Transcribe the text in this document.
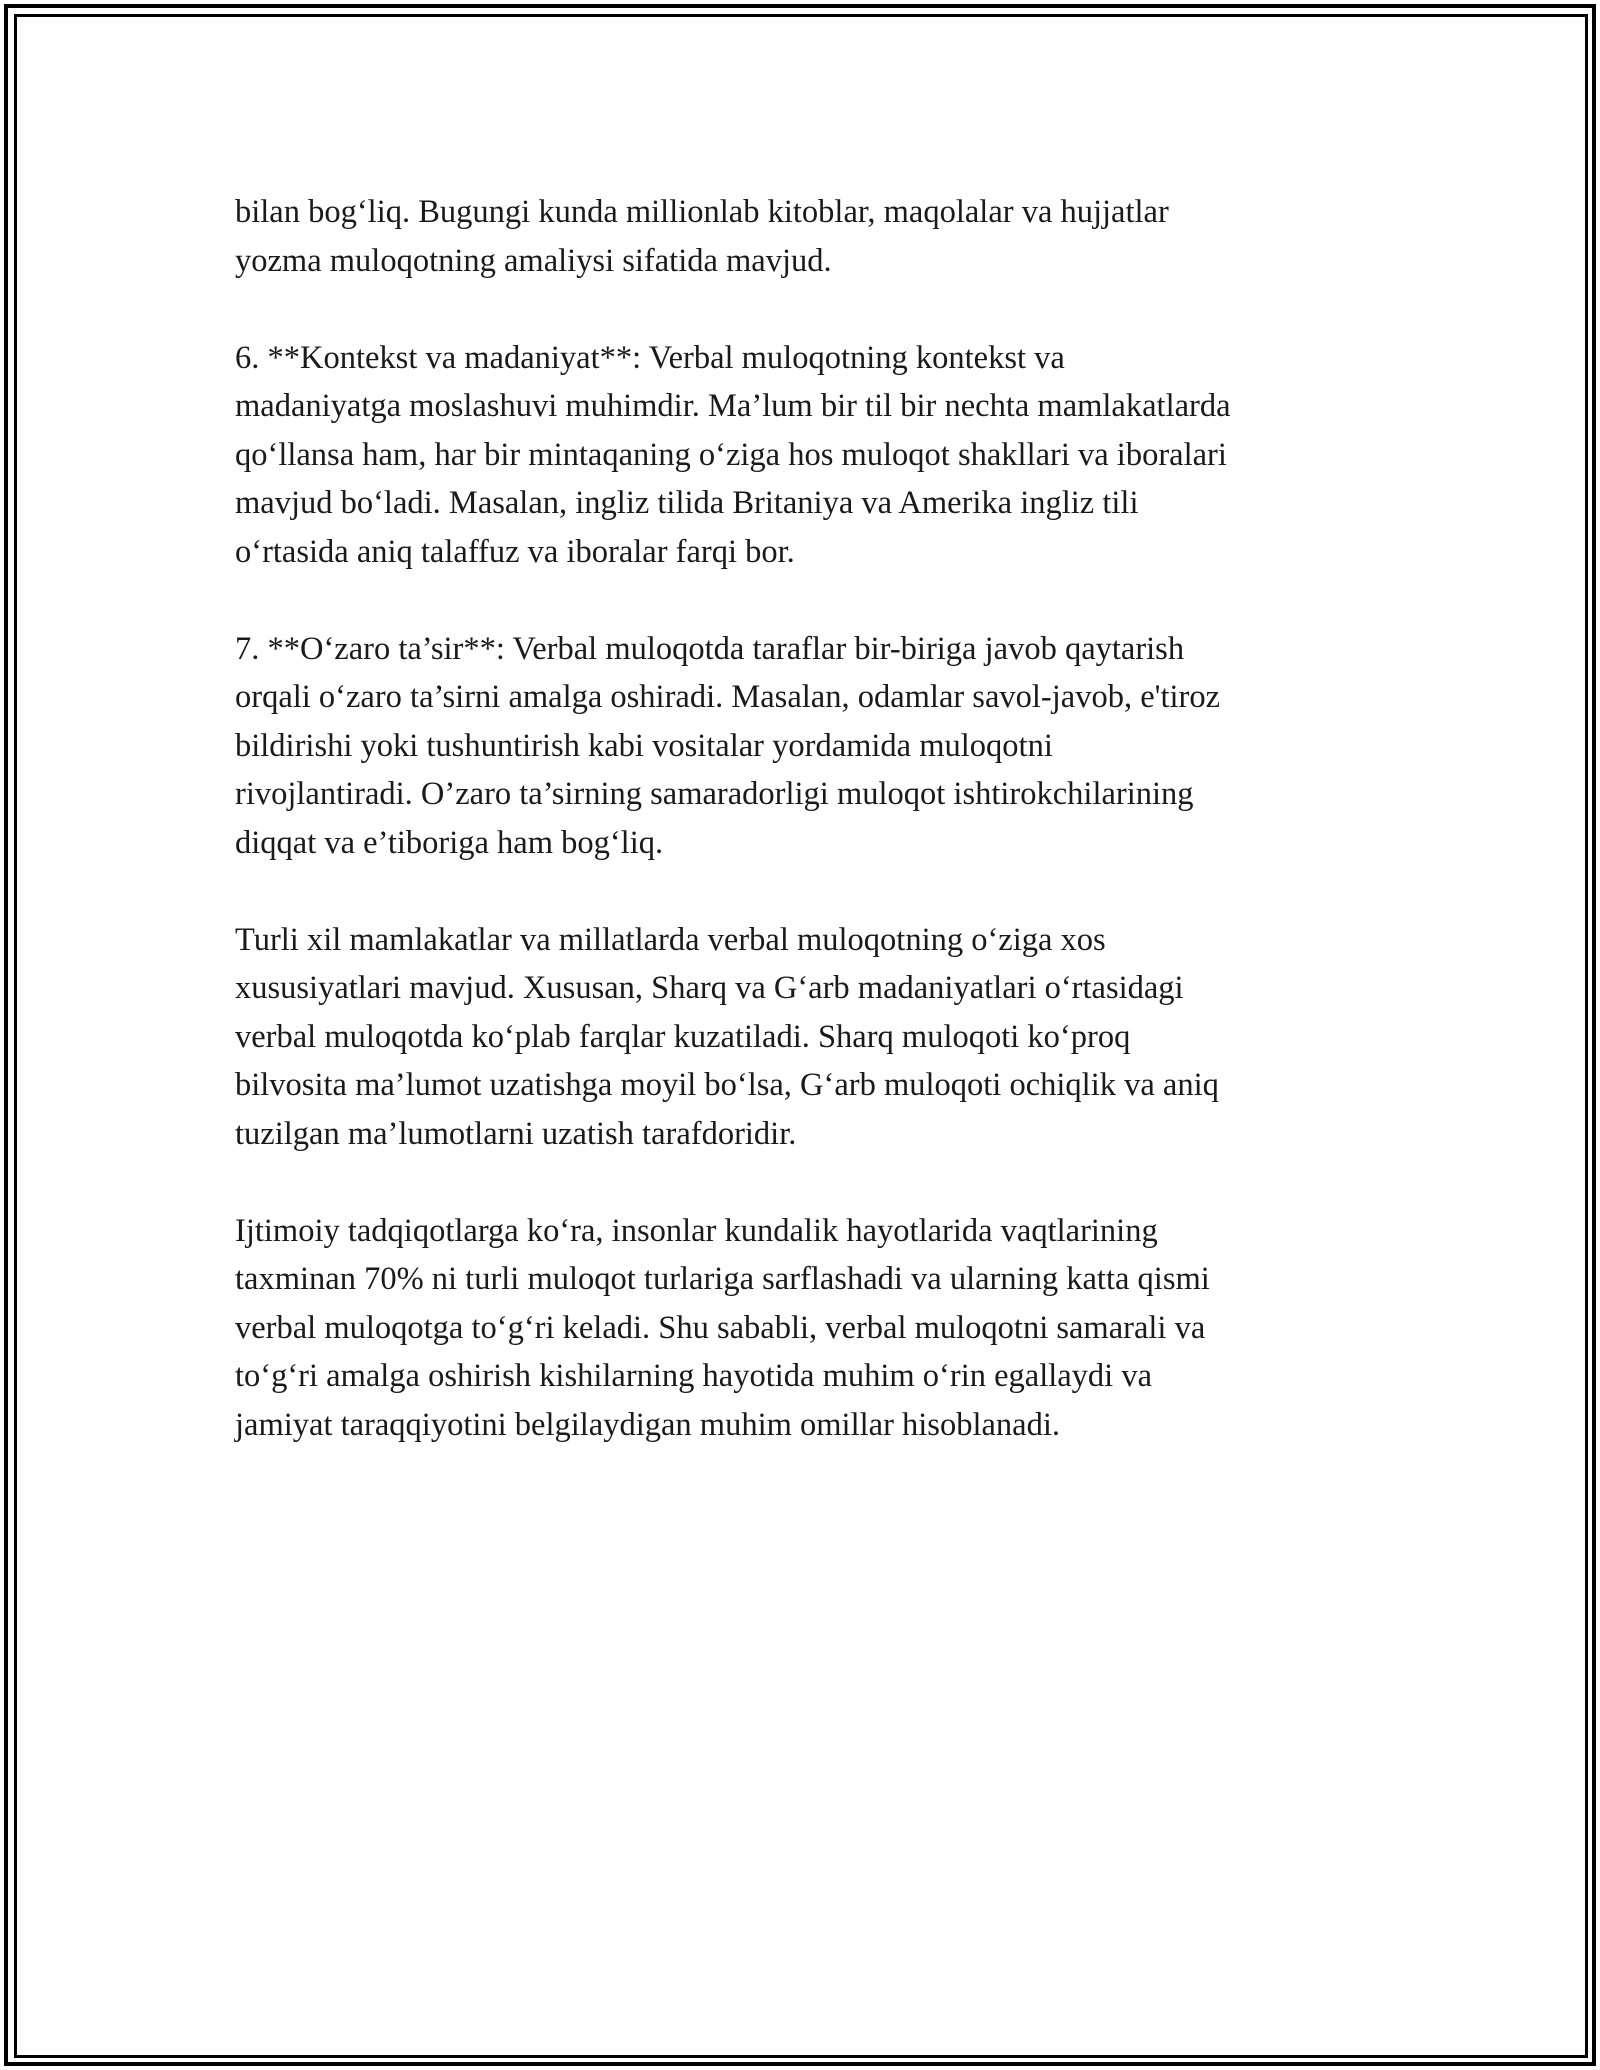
bilan bog‘liq. Bugungi kunda millionlab kitoblar, maqolalar va hujjatlar
yozma muloqotning amaliysi sifatida mavjud.

6. **Kontekst va madaniyat**: Verbal muloqotning kontekst va
madaniyatga moslashuvi muhimdir. Ma’lum bir til bir nechta mamlakatlarda
qo‘llansa ham, har bir mintaqaning o‘ziga hos muloqot shakllari va iboralari
mavjud bo‘ladi. Masalan, ingliz tilida Britaniya va Amerika ingliz tili
o‘rtasida aniq talaffuz va iboralar farqi bor.

7. **O‘zaro ta’sir**: Verbal muloqotda taraflar bir-biriga javob qaytarish
orqali o‘zaro ta’sirni amalga oshiradi. Masalan, odamlar savol-javob, e'tiroz
bildirishi yoki tushuntirish kabi vositalar yordamida muloqotni
rivojlantiradi. O’zaro ta’sirning samaradorligi muloqot ishtirokchilarining
diqqat va e’tiboriga ham bog‘liq.

Turli xil mamlakatlar va millatlarda verbal muloqotning o‘ziga xos
xususiyatlari mavjud. Xususan, Sharq va G‘arb madaniyatlari o‘rtasidagi
verbal muloqotda ko‘plab farqlar kuzatiladi. Sharq muloqoti ko‘proq
bilvosita ma’lumot uzatishga moyil bo‘lsa, G‘arb muloqoti ochiqlik va aniq
tuzilgan ma’lumotlarni uzatish tarafdoridir.

Ijtimoiy tadqiqotlarga ko‘ra, insonlar kundalik hayotlarida vaqtlarining
taxminan 70% ni turli muloqot turlariga sarflashadi va ularning katta qismi
verbal muloqotga to‘g‘ri keladi. Shu sababli, verbal muloqotni samarali va
to‘g‘ri amalga oshirish kishilarning hayotida muhim o‘rin egallaydi va
jamiyat taraqqiyotini belgilaydigan muhim omillar hisoblanadi.
